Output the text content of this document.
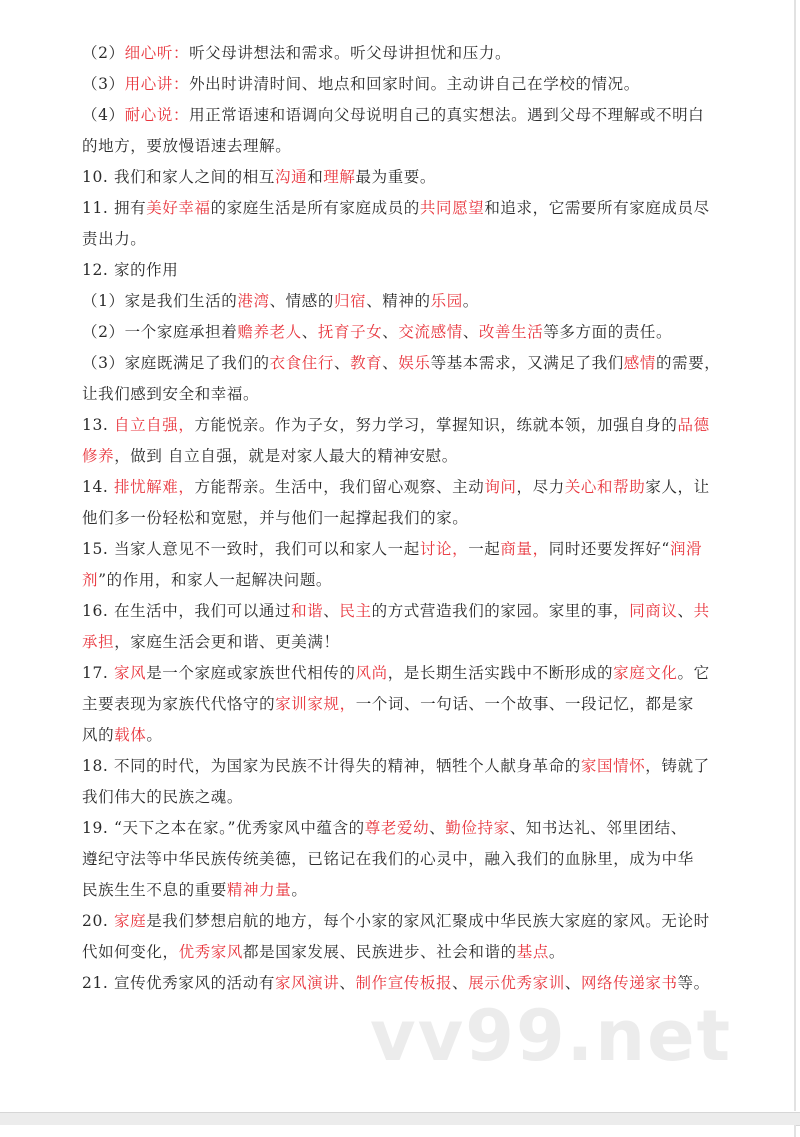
（2）细心听：听父母讲想法和需求。听父母讲担忧和压力。
（3）用心讲：外出时讲清时间、地点和回家时间。主动讲自己在学校的情况。
（4）耐心说：用正常语速和语调向父母说明自己的真实想法。遇到父母不理解或不明白
的地方，要放慢语速去理解。
10. 我们和家人之间的相互沟通和理解最为重要。
11. 拥有美好幸福的家庭生活是所有家庭成员的共同愿望和追求，它需要所有家庭成员尽
责出力。
12. 家的作用
（1）家是我们生活的港湾、情感的归宿、精神的乐园。
（2）一个家庭承担着赡养老人、抚育子女、交流感情、改善生活等多方面的责任。
（3）家庭既满足了我们的衣食住行、教育、娱乐等基本需求，又满足了我们感情的需要，
让我们感到安全和幸福。
13. 自立自强，方能悦亲。作为子女，努力学习，掌握知识，练就本领，加强自身的品德
修养，做到 自立自强，就是对家人最大的精神安慰。
14. 排忧解难，方能帮亲。生活中，我们留心观察、主动询问，尽力关心和帮助家人，让
他们多一份轻松和宽慰，并与他们一起撑起我们的家。
15. 当家人意见不一致时，我们可以和家人一起讨论，一起商量，同时还要发挥好“润滑
剂”的作用，和家人一起解决问题。
16. 在生活中，我们可以通过和谐、民主的方式营造我们的家园。家里的事，同商议、共
承担，家庭生活会更和谐、更美满！
17. 家风是一个家庭或家族世代相传的风尚，是长期生活实践中不断形成的家庭文化。它
主要表现为家族代代恪守的家训家规，一个词、一句话、一个故事、一段记忆，都是家
风的载体。
18. 不同的时代，为国家为民族不计得失的精神，牺牲个人献身革命的家国情怀，铸就了
我们伟大的民族之魂。
19. “天下之本在家。”优秀家风中蕴含的尊老爱幼、勤俭持家、知书达礼、邻里团结、
遵纪守法等中华民族传统美德，已铭记在我们的心灵中，融入我们的血脉里，成为中华
民族生生不息的重要精神力量。
20. 家庭是我们梦想启航的地方，每个小家的家风汇聚成中华民族大家庭的家风。无论时
代如何变化，优秀家风都是国家发展、民族进步、社会和谐的基点。
21. 宣传优秀家风的活动有家风演讲、制作宣传板报、展示优秀家训、网络传递家书等。
vv99.net
